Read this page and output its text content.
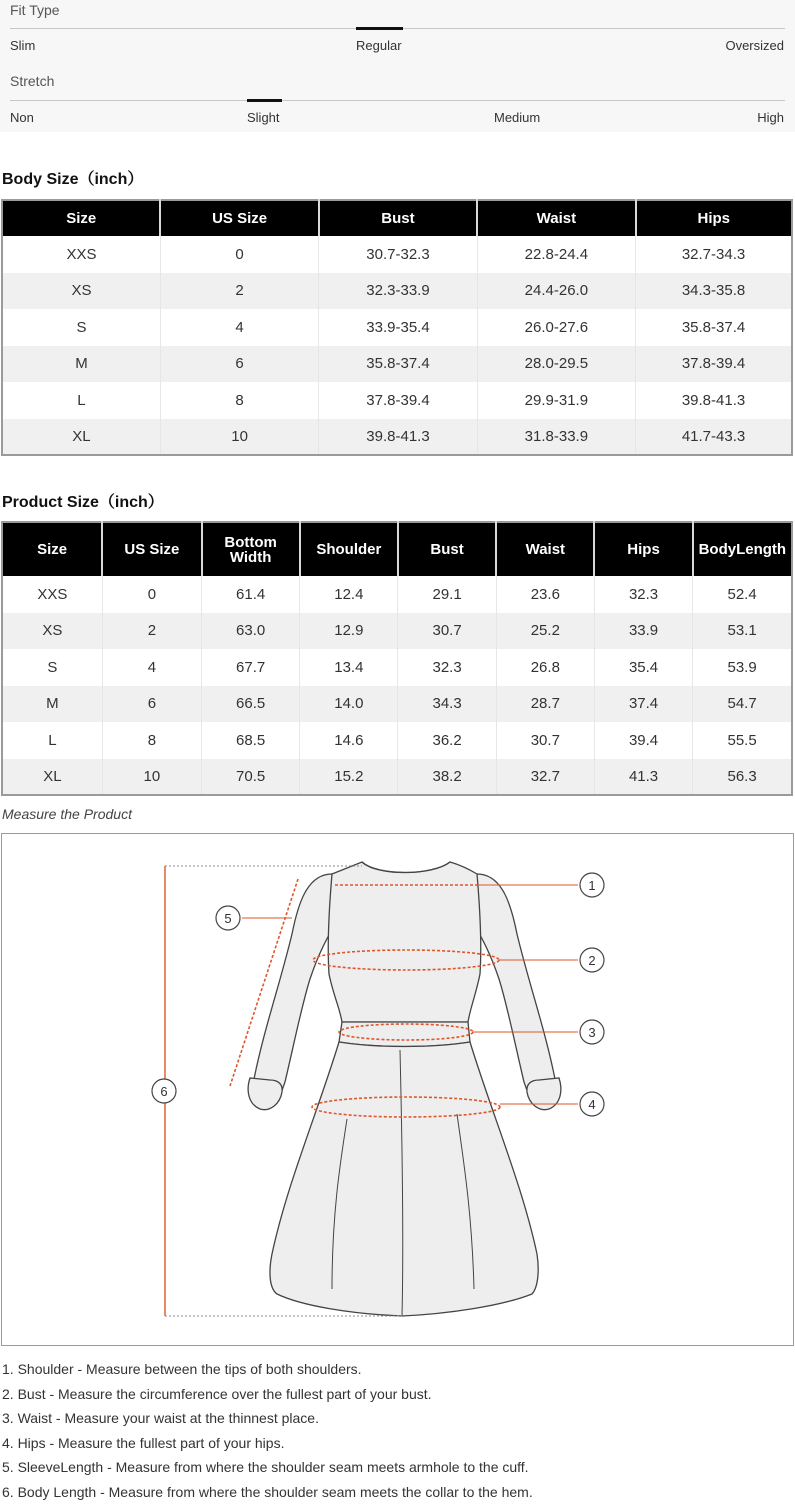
Fit Type
Slim	Regular	Oversized
Stretch
Non	Slight	Medium	High
Body Size（inch）
Size	US Size	Bust	Waist	Hips
XXS	0	30.7-32.3	22.8-24.4	32.7-34.3
XS	2	32.3-33.9	24.4-26.0	34.3-35.8
S	4	33.9-35.4	26.0-27.6	35.8-37.4
M	6	35.8-37.4	28.0-29.5	37.8-39.4
L	8	37.8-39.4	29.9-31.9	39.8-41.3
XL	10	39.8-41.3	31.8-33.9	41.7-43.3
Product Size（inch）
Size	US Size	Bottom Width	Shoulder	Bust	Waist	Hips	BodyLength
XXS	0	61.4	12.4	29.1	23.6	32.3	52.4
XS	2	63.0	12.9	30.7	25.2	33.9	53.1
S	4	67.7	13.4	32.3	26.8	35.4	53.9
M	6	66.5	14.0	34.3	28.7	37.4	54.7
L	8	68.5	14.6	36.2	30.7	39.4	55.5
XL	10	70.5	15.2	38.2	32.7	41.3	56.3
Measure the Product
1
2
3
4
5
6
1. Shoulder - Measure between the tips of both shoulders.
2. Bust - Measure the circumference over the fullest part of your bust.
3. Waist - Measure your waist at the thinnest place.
4. Hips - Measure the fullest part of your hips.
5. SleeveLength - Measure from where the shoulder seam meets armhole to the cuff.
6. Body Length - Measure from where the shoulder seam meets the collar to the hem.
